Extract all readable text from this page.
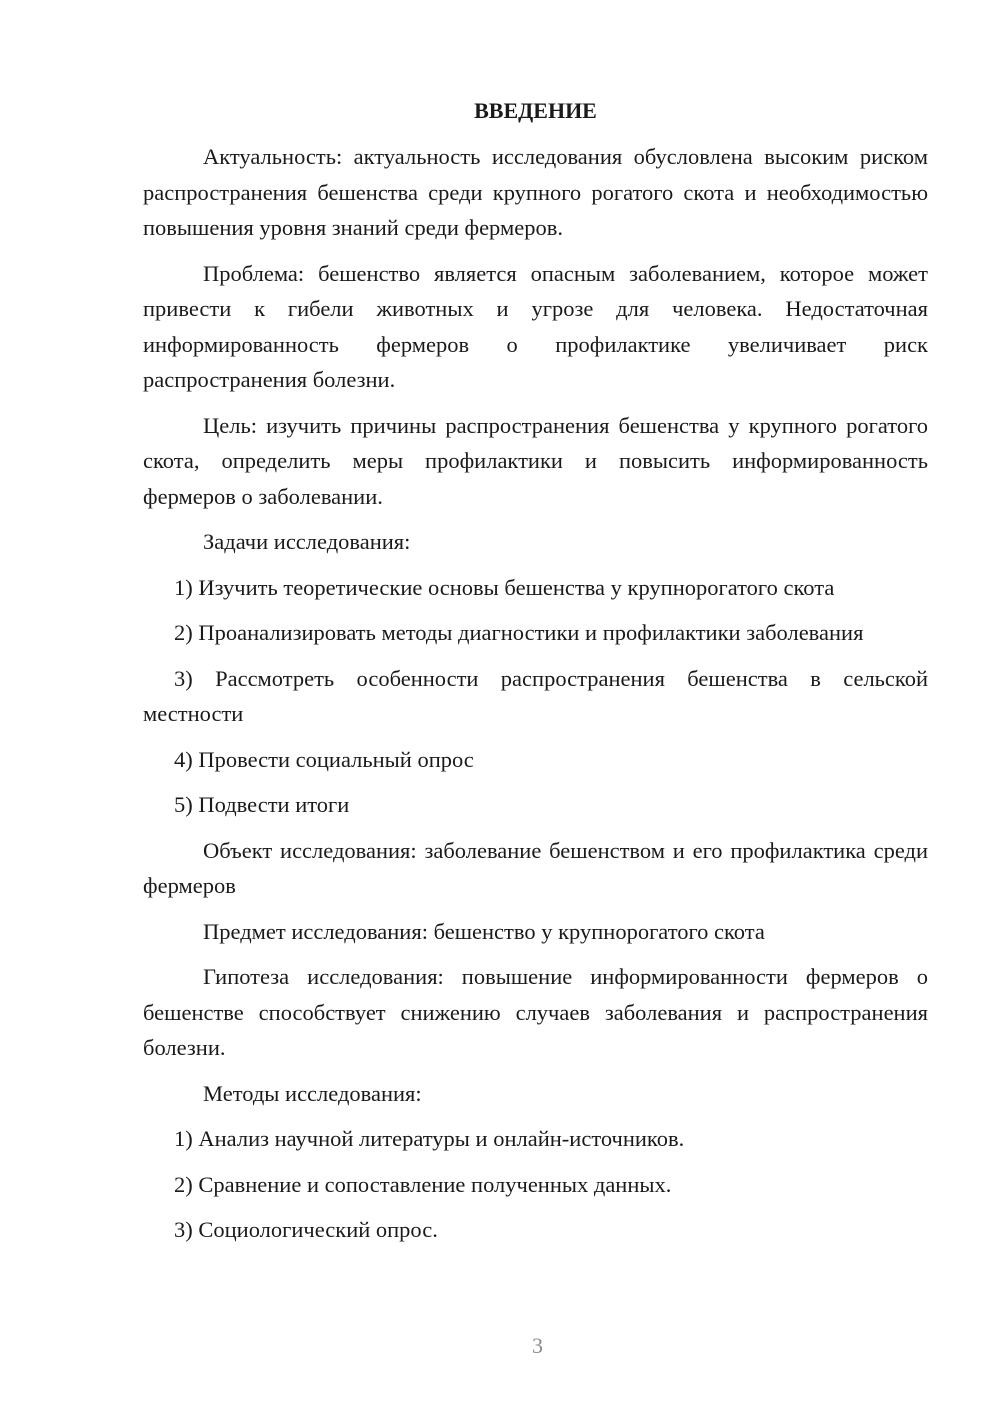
ВВЕДЕНИЕ

Актуальность: актуальность исследования обусловлена высоким риском распространения бешенства среди крупного рогатого скота и необходимостью повышения уровня знаний среди фермеров.

Проблема: бешенство является опасным заболеванием, которое может привести к гибели животных и угрозе для человека. Недостаточная информированность фермеров о профилактике увеличивает риск распространения болезни.

Цель: изучить причины распространения бешенства у крупного рогатого скота, определить меры профилактики и повысить информированность фермеров о заболевании.

Задачи исследования:

1) Изучить теоретические основы бешенства у крупнорогатого скота

2) Проанализировать методы диагностики и профилактики заболевания

3) Рассмотреть особенности распространения бешенства в сельской местности

4) Провести социальный опрос

5) Подвести итоги

Объект исследования: заболевание бешенством и его профилактика среди фермеров

Предмет исследования: бешенство у крупнорогатого скота

Гипотеза исследования: повышение информированности фермеров о бешенстве способствует снижению случаев заболевания и распространения болезни.

Методы исследования:

1) Анализ научной литературы и онлайн-источников.

2) Сравнение и сопоставление полученных данных.

3) Социологический опрос.

3
